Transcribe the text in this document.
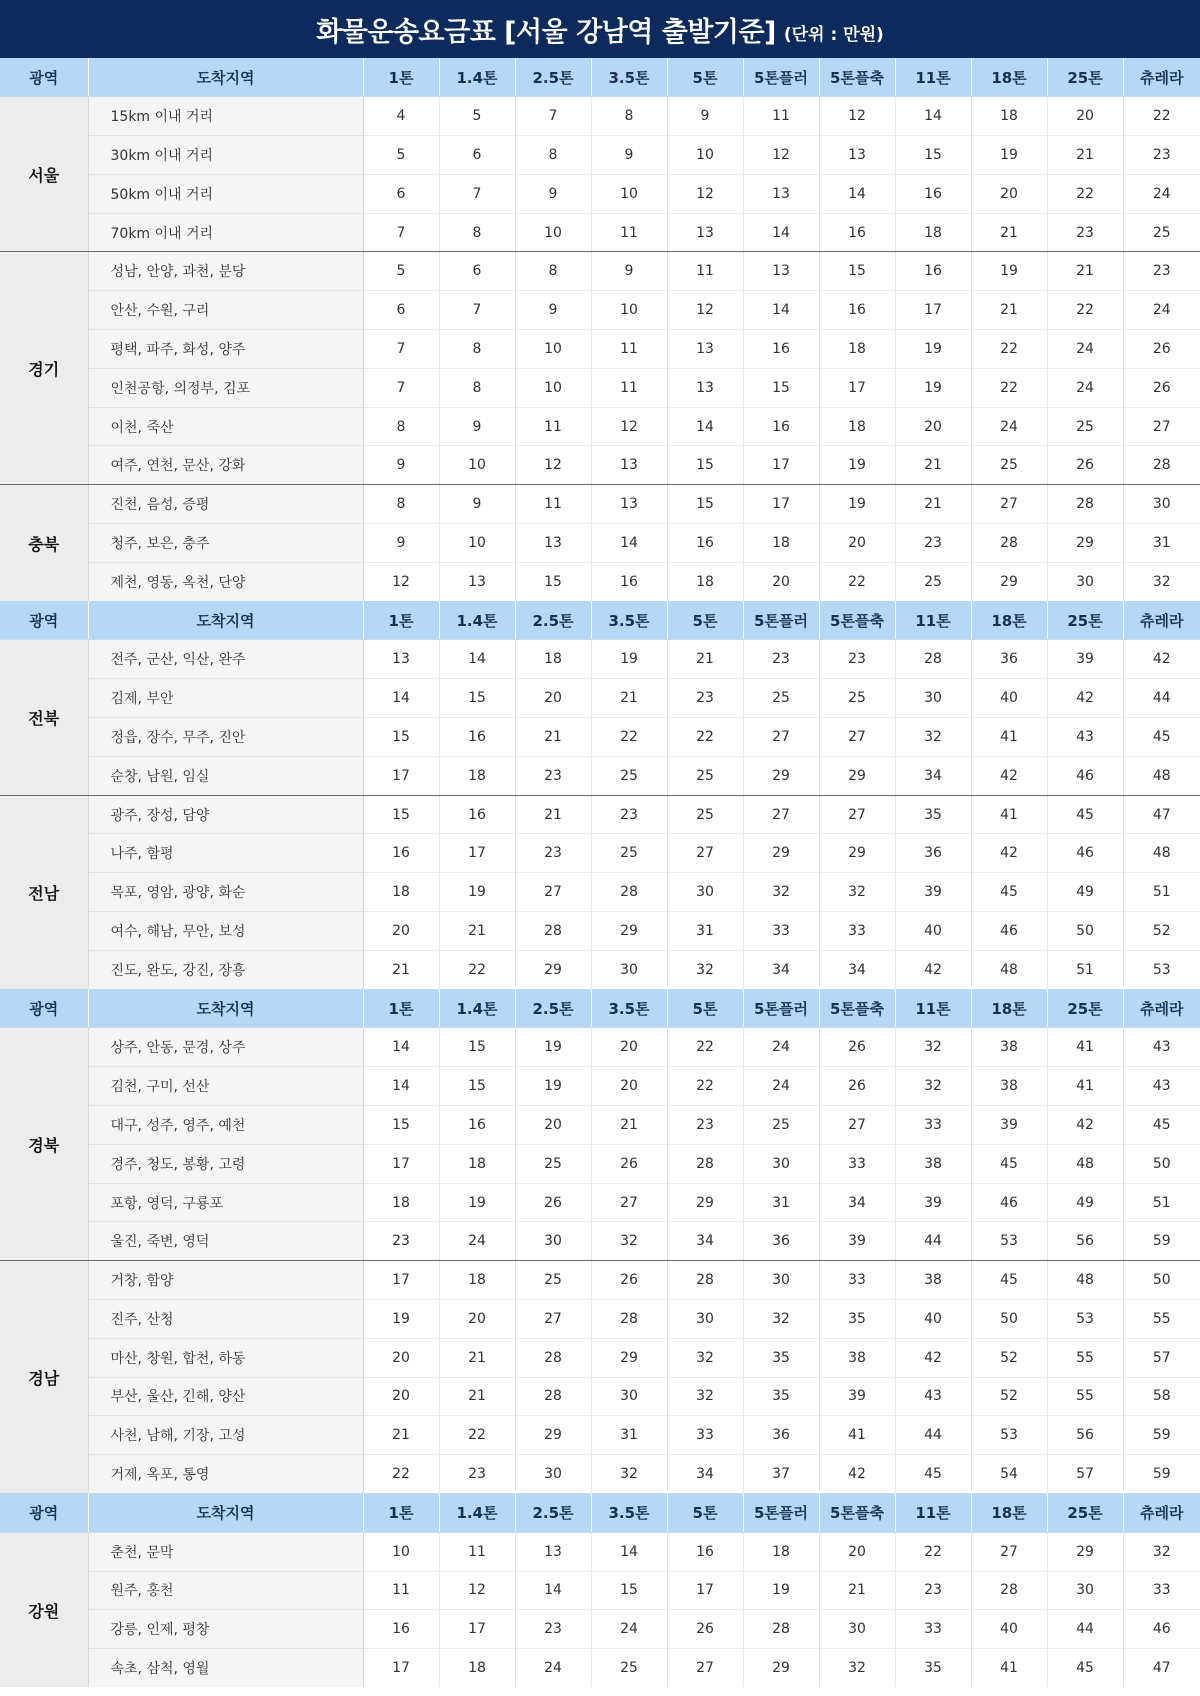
화물운송요금표 [서울 강남역 출발기준] (단위 : 만원)
광역	도착지역	1톤	1.4톤	2.5톤	3.5톤	5톤	5톤플러	5톤플축	11톤	18톤	25톤	츄레라
서울	15km 이내 거리	4	5	7	8	9	11	12	14	18	20	22
	30km 이내 거리	5	6	8	9	10	12	13	15	19	21	23
	50km 이내 거리	6	7	9	10	12	13	14	16	20	22	24
	70km 이내 거리	7	8	10	11	13	14	16	18	21	23	25
경기	성남, 안양, 과천, 분당	5	6	8	9	11	13	15	16	19	21	23
	안산, 수원, 구리	6	7	9	10	12	14	16	17	21	22	24
	평택, 파주, 화성, 양주	7	8	10	11	13	16	18	19	22	24	26
	인천공항, 의정부, 김포	7	8	10	11	13	15	17	19	22	24	26
	이천, 죽산	8	9	11	12	14	16	18	20	24	25	27
	여주, 연천, 문산, 강화	9	10	12	13	15	17	19	21	25	26	28
충북	진천, 음성, 증평	8	9	11	13	15	17	19	21	27	28	30
	청주, 보은, 충주	9	10	13	14	16	18	20	23	28	29	31
	제천, 영동, 옥천, 단양	12	13	15	16	18	20	22	25	29	30	32
광역	도착지역	1톤	1.4톤	2.5톤	3.5톤	5톤	5톤플러	5톤플축	11톤	18톤	25톤	츄레라
전북	전주, 군산, 익산, 완주	13	14	18	19	21	23	23	28	36	39	42
	김제, 부안	14	15	20	21	23	25	25	30	40	42	44
	정읍, 장수, 무주, 진안	15	16	21	22	22	27	27	32	41	43	45
	순창, 남원, 임실	17	18	23	25	25	29	29	34	42	46	48
전남	광주, 장성, 담양	15	16	21	23	25	27	27	35	41	45	47
	나주, 함평	16	17	23	25	27	29	29	36	42	46	48
	목포, 영암, 광양, 화순	18	19	27	28	30	32	32	39	45	49	51
	여수, 해남, 무안, 보성	20	21	28	29	31	33	33	40	46	50	52
	진도, 완도, 강진, 장흥	21	22	29	30	32	34	34	42	48	51	53
광역	도착지역	1톤	1.4톤	2.5톤	3.5톤	5톤	5톤플러	5톤플축	11톤	18톤	25톤	츄레라
경북	상주, 안동, 문경, 상주	14	15	19	20	22	24	26	32	38	41	43
	김천, 구미, 선산	14	15	19	20	22	24	26	32	38	41	43
	대구, 성주, 영주, 예천	15	16	20	21	23	25	27	33	39	42	45
	경주, 청도, 봉황, 고령	17	18	25	26	28	30	33	38	45	48	50
	포항, 영덕, 구룡포	18	19	26	27	29	31	34	39	46	49	51
	울진, 죽변, 영덕	23	24	30	32	34	36	39	44	53	56	59
경남	거창, 함양	17	18	25	26	28	30	33	38	45	48	50
	진주, 산청	19	20	27	28	30	32	35	40	50	53	55
	마산, 창원, 합천, 하동	20	21	28	29	32	35	38	42	52	55	57
	부산, 울산, 긴해, 양산	20	21	28	30	32	35	39	43	52	55	58
	사천, 남해, 기장, 고성	21	22	29	31	33	36	41	44	53	56	59
	거제, 옥포, 통영	22	23	30	32	34	37	42	45	54	57	59
광역	도착지역	1톤	1.4톤	2.5톤	3.5톤	5톤	5톤플러	5톤플축	11톤	18톤	25톤	츄레라
강원	춘천, 문막	10	11	13	14	16	18	20	22	27	29	32
	원주, 홍천	11	12	14	15	17	19	21	23	28	30	33
	강릉, 인제, 평창	16	17	23	24	26	28	30	33	40	44	46
	속초, 삼척, 영월	17	18	24	25	27	29	32	35	41	45	47
